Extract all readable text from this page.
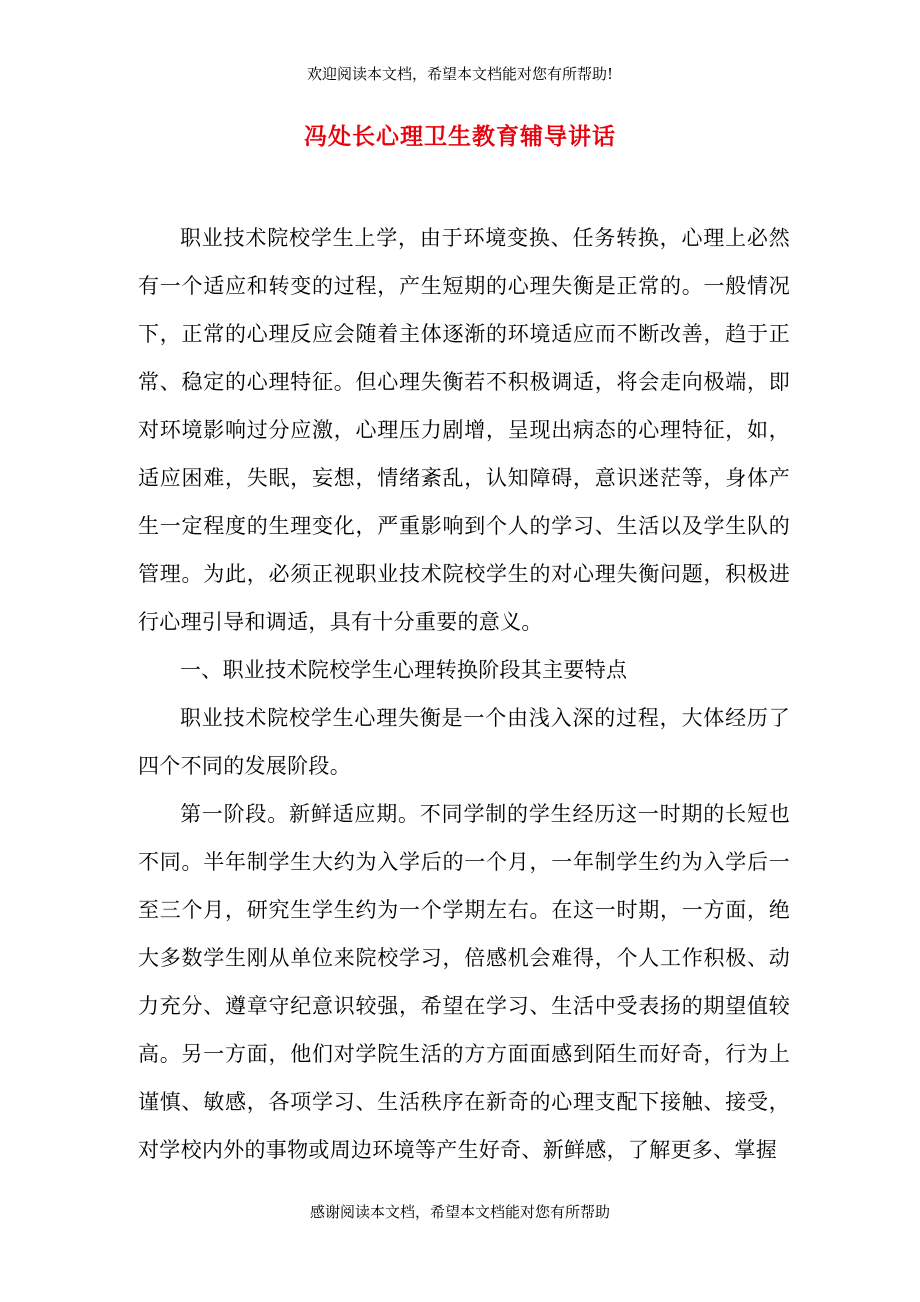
欢迎阅读本文档，希望本文档能对您有所帮助!
冯处长心理卫生教育辅导讲话

职业技术院校学生上学，由于环境变换、任务转换，心理上必然有一个适应和转变的过程，产生短期的心理失衡是正常的。一般情况下，正常的心理反应会随着主体逐渐的环境适应而不断改善，趋于正常、稳定的心理特征。但心理失衡若不积极调适，将会走向极端，即对环境影响过分应激，心理压力剧增，呈现出病态的心理特征，如，适应困难，失眠，妄想，情绪紊乱，认知障碍，意识迷茫等，身体产生一定程度的生理变化，严重影响到个人的学习、生活以及学生队的管理。为此，必须正视职业技术院校学生的对心理失衡问题，积极进行心理引导和调适，具有十分重要的意义。

一、职业技术院校学生心理转换阶段其主要特点

职业技术院校学生心理失衡是一个由浅入深的过程，大体经历了四个不同的发展阶段。

第一阶段。新鲜适应期。不同学制的学生经历这一时期的长短也不同。半年制学生大约为入学后的一个月，一年制学生约为入学后一至三个月，研究生学生约为一个学期左右。在这一时期，一方面，绝大多数学生刚从单位来院校学习，倍感机会难得，个人工作积极、动力充分、遵章守纪意识较强，希望在学习、生活中受表扬的期望值较高。另一方面，他们对学院生活的方方面面感到陌生而好奇，行为上谨慎、敏感，各项学习、生活秩序在新奇的心理支配下接触、接受，对学校内外的事物或周边环境等产生好奇、新鲜感，了解更多、掌握

感谢阅读本文档，希望本文档能对您有所帮助
